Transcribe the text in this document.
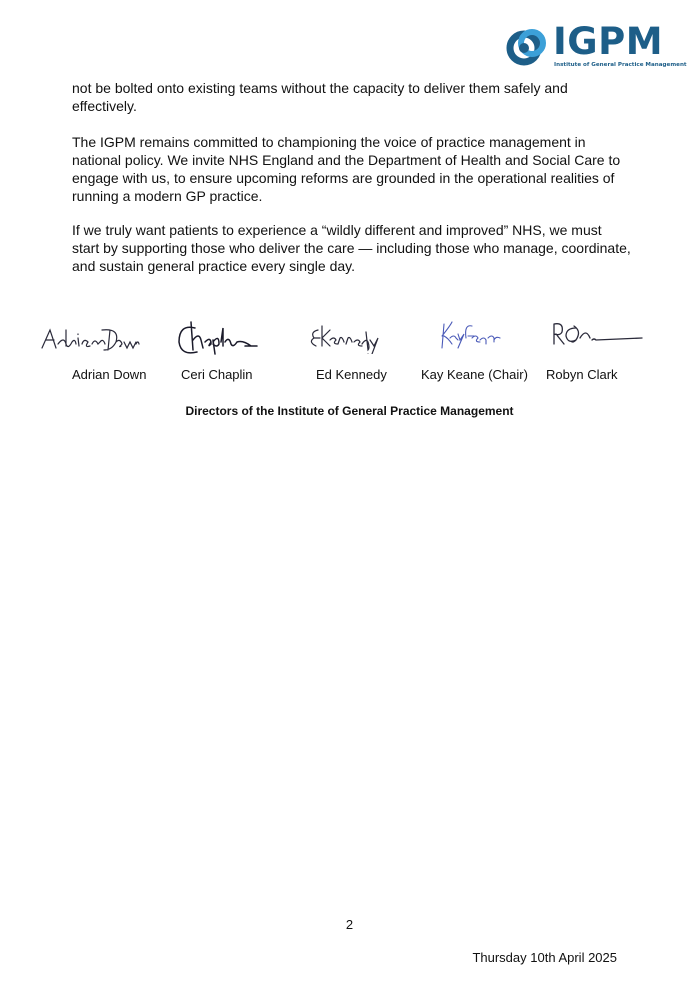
IGPM
Institute of General Practice Management

not be bolted onto existing teams without the capacity to deliver them safely and effectively.

The IGPM remains committed to championing the voice of practice management in national policy. We invite NHS England and the Department of Health and Social Care to engage with us, to ensure upcoming reforms are grounded in the operational realities of running a modern GP practice.

If we truly want patients to experience a “wildly different and improved” NHS, we must start by supporting those who deliver the care — including those who manage, coordinate, and sustain general practice every single day.

Adrian Down	Ceri Chaplin	Ed Kennedy	Kay Keane (Chair) Robyn Clark
Directors of the Institute of General Practice Management
2
Thursday 10th April 2025
